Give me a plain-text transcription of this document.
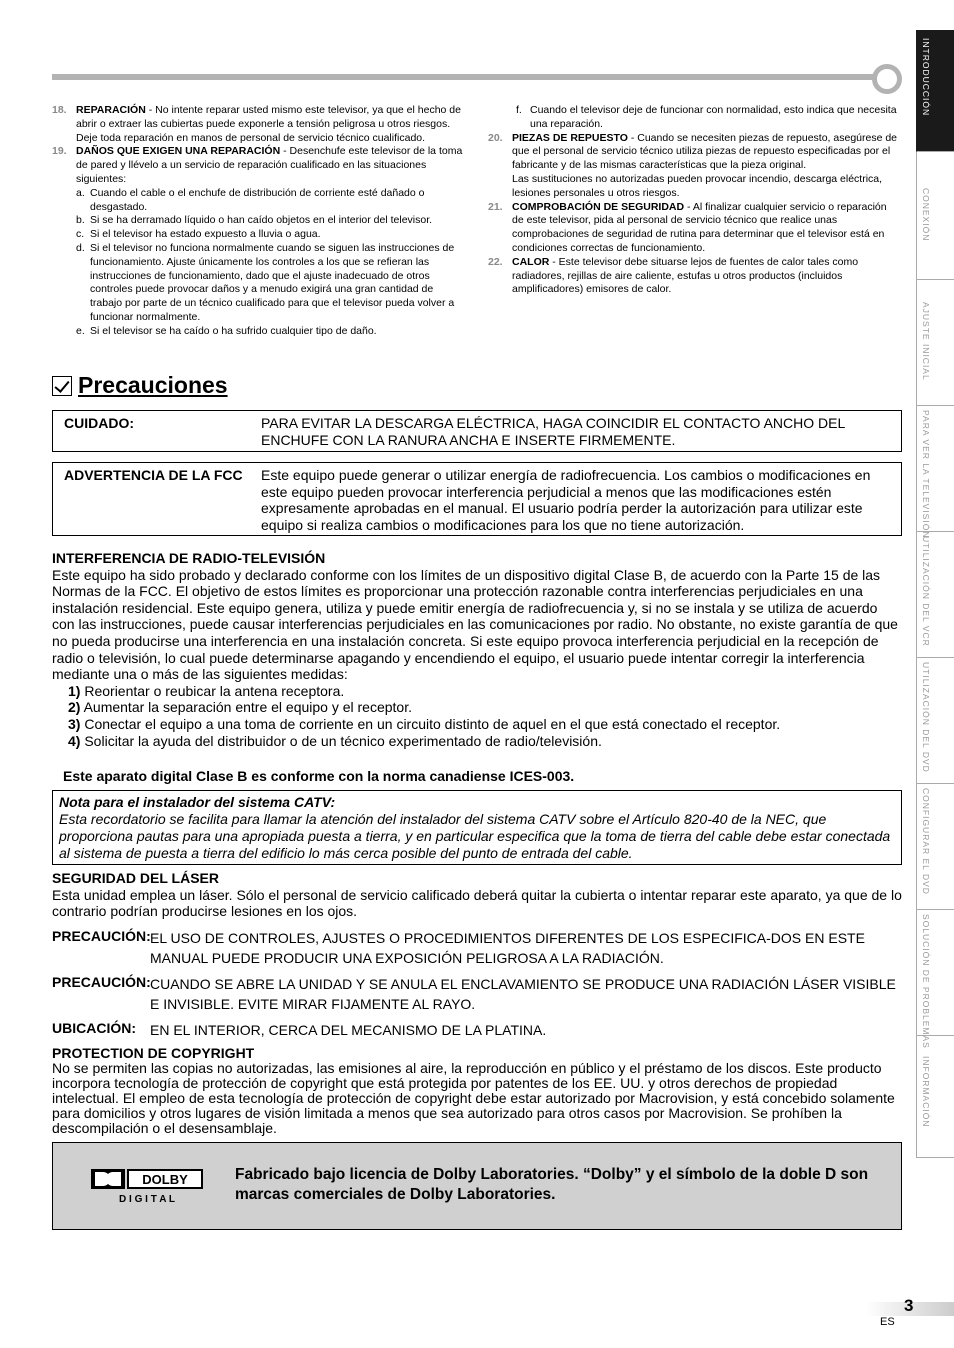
INTRODUCCIÓN
CONEXIÓN
AJUSTE INICIAL
PARA VER LA TELEVISIÓN
UTILIZACIÓN DEL VCR
UTILIZACIÓN DEL DVD
CONFIGURAR EL DVD
SOLUCIÓN DE PROBLEMAS
INFORMACIÓN
18. REPARACIÓN - No intente reparar usted mismo este televisor, ya que el hecho de abrir o extraer las cubiertas puede exponerle a tensión peligrosa u otros riesgos. Deje toda reparación en manos de personal de servicio técnico cualificado.
19. DAÑOS QUE EXIGEN UNA REPARACIÓN - Desenchufe este televisor de la toma de pared y llévelo a un servicio de reparación cualificado en las situaciones siguientes:
a. Cuando el cable o el enchufe de distribución de corriente esté dañado o desgastado.
b. Si se ha derramado líquido o han caído objetos en el interior del televisor.
c. Si el televisor ha estado expuesto a lluvia o agua.
d. Si el televisor no funciona normalmente cuando se siguen las instrucciones de funcionamiento. Ajuste únicamente los controles a los que se refieran las instrucciones de funcionamiento, dado que el ajuste inadecuado de otros controles puede provocar daños y a menudo exigirá una gran cantidad de trabajo por parte de un técnico cualificado para que el televisor pueda volver a funcionar normalmente.
e. Si el televisor se ha caído o ha sufrido cualquier tipo de daño.
f. Cuando el televisor deje de funcionar con normalidad, esto indica que necesita una reparación.
20. PIEZAS DE REPUESTO - Cuando se necesiten piezas de repuesto, asegúrese de que el personal de servicio técnico utiliza piezas de repuesto especificadas por el fabricante y de las mismas características que la pieza original.
Las sustituciones no autorizadas pueden provocar incendio, descarga eléctrica, lesiones personales u otros riesgos.
21. COMPROBACIÓN DE SEGURIDAD - Al finalizar cualquier servicio o reparación de este televisor, pida al personal de servicio técnico que realice unas comprobaciones de seguridad de rutina para determinar que el televisor está en condiciones correctas de funcionamiento.
22. CALOR - Este televisor debe situarse lejos de fuentes de calor tales como radiadores, rejillas de aire caliente, estufas u otros productos (incluidos amplificadores) emisores de calor.
Precauciones
CUIDADO:	PARA EVITAR LA DESCARGA ELÉCTRICA, HAGA COINCIDIR EL CONTACTO ANCHO DEL ENCHUFE CON LA RANURA ANCHA E INSERTE FIRMEMENTE.
ADVERTENCIA DE LA FCC	Este equipo puede generar o utilizar energía de radiofrecuencia. Los cambios o modificaciones en este equipo pueden provocar interferencia perjudicial a menos que las modificaciones estén expresamente aprobadas en el manual. El usuario podría perder la autorización para utilizar este equipo si realiza cambios o modificaciones para los que no tiene autorización.
INTERFERENCIA DE RADIO-TELEVISIÓN
Este equipo ha sido probado y declarado conforme con los límites de un dispositivo digital Clase B, de acuerdo con la Parte 15 de las Normas de la FCC. El objetivo de estos límites es proporcionar una protección razonable contra interferencias perjudiciales en una instalación residencial. Este equipo genera, utiliza y puede emitir energía de radiofrecuencia y, si no se instala y se utiliza de acuerdo con las instrucciones, puede causar interferencias perjudiciales en las comunicaciones por radio. No obstante, no existe garantía de que no pueda producirse una interferencia en una instalación concreta. Si este equipo provoca interferencia perjudicial en la recepción de radio o televisión, lo cual puede determinarse apagando y encendiendo el equipo, el usuario puede intentar corregir la interferencia mediante una o más de las siguientes medidas:
1) Reorientar o reubicar la antena receptora.
2) Aumentar la separación entre el equipo y el receptor.
3) Conectar el equipo a una toma de corriente en un circuito distinto de aquel en el que está conectado el receptor.
4) Solicitar la ayuda del distribuidor o de un técnico experimentado de radio/televisión.
Este aparato digital Clase B es conforme con la norma canadiense ICES-003.
Nota para el instalador del sistema CATV:
Esta recordatorio se facilita para llamar la atención del instalador del sistema CATV sobre el Artículo 820-40 de la NEC, que proporciona pautas para una apropiada puesta a tierra, y en particular especifica que la toma de tierra del cable debe estar conectada al sistema de puesta a tierra del edificio lo más cerca posible del punto de entrada del cable.
SEGURIDAD DEL LÁSER
Esta unidad emplea un láser. Sólo el personal de servicio calificado deberá quitar la cubierta o intentar reparar este aparato, ya que de lo contrario podrían producirse lesiones en los ojos.
PRECAUCIÓN: EL USO DE CONTROLES, AJUSTES O PROCEDIMIENTOS DIFERENTES DE LOS ESPECIFICA-DOS EN ESTE MANUAL PUEDE PRODUCIR UNA EXPOSICIÓN PELIGROSA A LA RADIACIÓN.
PRECAUCIÓN: CUANDO SE ABRE LA UNIDAD Y SE ANULA EL ENCLAVAMIENTO SE PRODUCE UNA RADIACIÓN LÁSER VISIBLE E INVISIBLE. EVITE MIRAR FIJAMENTE AL RAYO.
UBICACIÓN:	EN EL INTERIOR, CERCA DEL MECANISMO DE LA PLATINA.
PROTECTION DE COPYRIGHT
No se permiten las copias no autorizadas, las emisiones al aire, la reproducción en público y el préstamo de los discos. Este producto incorpora tecnología de protección de copyright que está protegida por patentes de los EE. UU. y otros derechos de propiedad intelectual. El empleo de esta tecnología de protección de copyright debe estar autorizado por Macrovision, y está concebido solamente para domicilios y otros lugares de visión limitada a menos que sea autorizado para otros casos por Macrovision. Se prohíben la descompilación o el desensamblaje.
DOLBY
D I G I T A L
Fabricado bajo licencia de Dolby Laboratories. “Dolby” y el símbolo de la doble D son marcas comerciales de Dolby Laboratories.
3
ES
